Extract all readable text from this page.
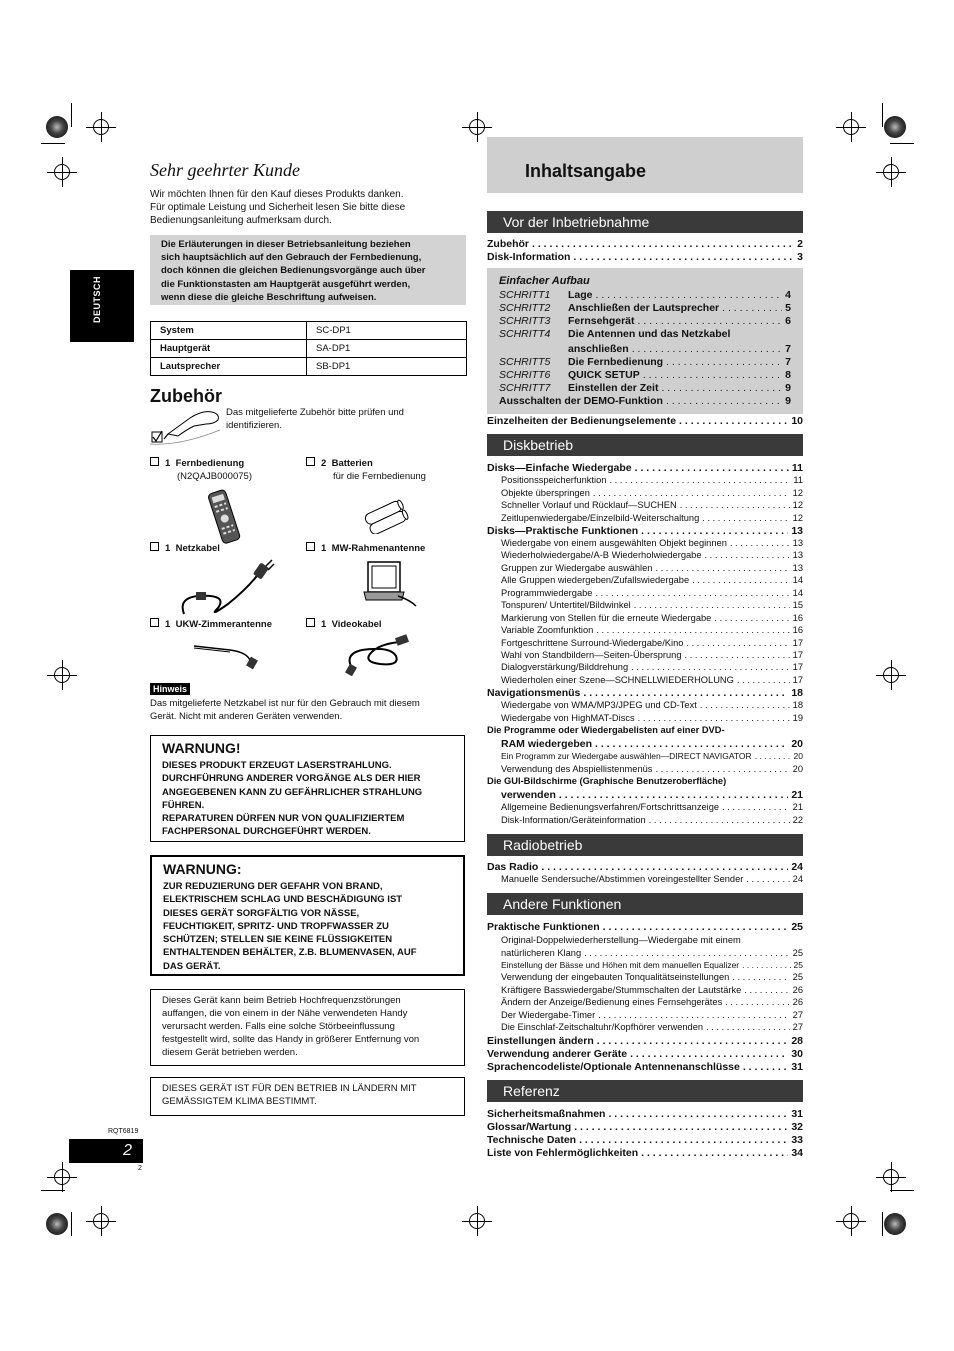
DEUTSCH
Sehr geehrter Kunde
Wir möchten Ihnen für den Kauf dieses Produkts danken.
Für optimale Leistung und Sicherheit lesen Sie bitte diese
Bedienungsanleitung aufmerksam durch.
Die Erläuterungen in dieser Betriebsanleitung beziehen
sich hauptsächlich auf den Gebrauch der Fernbedienung,
doch können die gleichen Bedienungsvorgänge auch über
die Funktionstasten am Hauptgerät ausgeführt werden,
wenn diese die gleiche Beschriftung aufweisen.
System	SC-DP1
Hauptgerät	SA-DP1
Lautsprecher	SB-DP1
Zubehör
Das mitgelieferte Zubehör bitte prüfen und
identifizieren.
1 Fernbedienung
(N2QAJB000075)
2 Batterien
für die Fernbedienung
1 Netzkabel	1 MW-Rahmenantenne
1 UKW-Zimmerantenne	1 Videokabel
Hinweis
Das mitgelieferte Netzkabel ist nur für den Gebrauch mit diesem
Gerät. Nicht mit anderen Geräten verwenden.
WARNUNG!

DIESES PRODUKT ERZEUGT LASERSTRAHLUNG.

DURCHFÜHRUNG ANDERER VORGÄNGE ALS DER HIER

ANGEGEBENEN KANN ZU GEFÄHRLICHER STRAHLUNG

FÜHREN.

REPARATUREN DÜRFEN NUR VON QUALIFIZIERTEM

FACHPERSONAL DURCHGEFÜHRT WERDEN.

WARNUNG:

ZUR REDUZIERUNG DER GEFAHR VON BRAND,

ELEKTRISCHEM SCHLAG UND BESCHÄDIGUNG IST

DIESES GERÄT SORGFÄLTIG VOR NÄSSE,

FEUCHTIGKEIT, SPRITZ- UND TROPFWASSER ZU

SCHÜTZEN; STELLEN SIE KEINE FLÜSSIGKEITEN

ENTHALTENDEN BEHÄLTER, Z.B. BLUMENVASEN, AUF

DAS GERÄT.

Dieses Gerät kann beim Betrieb Hochfrequenzstörungen
auffangen, die von einem in der Nähe verwendeten Handy
verursacht werden. Falls eine solche Störbeeinflussung
festgestellt wird, sollte das Handy in größerer Entfernung von
diesem Gerät betrieben werden.
DIESES GERÄT IST FÜR DEN BETRIEB IN LÄNDERN MIT
GEMÄSSIGTEM KLIMA BESTIMMT.
RQT6819
2
2
Inhaltsangabe
Vor der Inbetriebnahme
Zubehör . . .	2
Disk-Information . . .	3
Einfacher Aufbau
SCHRITT1	Lage . . .	4
SCHRITT2	Anschließen der Lautsprecher . . .	5
SCHRITT3	Fernsehgerät . . .	6
SCHRITT4	Die Antennen und das Netzkabel
anschließen . . .	7
SCHRITT5	Die Fernbedienung . . .	7
SCHRITT6	QUICK SETUP . . .	8
SCHRITT7	Einstellen der Zeit . . .	9
Ausschalten der DEMO-Funktion . . .	9
Einzelheiten der Bedienungselemente . . .	10
Diskbetrieb
Disks—Einfache Wiedergabe . . .	11
Positionsspeicherfunktion . . .	11
Objekte überspringen . . .	12
Schneller Vorlauf und Rücklauf—SUCHEN . . .	12
Zeitlupenwiedergabe/Einzelbild-Weiterschaltung . . .	12
Disks—Praktische Funktionen . . .	13
Wiedergabe von einem ausgewählten Objekt beginnen . . .	13
Wiederholwiedergabe/A-B Wiederholwiedergabe . . .	13
Gruppen zur Wiedergabe auswählen . . .	13
Alle Gruppen wiedergeben/Zufallswiedergabe . . .	14
Programmwiedergabe . . .	14
Tonspuren/ Untertitel/Bildwinkel . . .	15
Markierung von Stellen für die erneute Wiedergabe . . .	16
Variable Zoomfunktion . . .	16
Fortgeschrittene Surround-Wiedergabe/Kino . . .	17
Wahl von Standbildern—Seiten-Übersprung . . .	17
Dialogverstärkung/Bilddrehung . . .	17
Wiederholen einer Szene—SCHNELLWIEDERHOLUNG . . .	17
Navigationsmenüs . . .	18
Wiedergabe von WMA/MP3/JPEG und CD-Text . . .	18
Wiedergabe von HighMAT-Discs . . .	19
Die Programme oder Wiedergabelisten auf einer DVD-
RAM wiedergeben . . .	20
Ein Programm zur Wiedergabe auswählen—DIRECT NAVIGATOR . . .	20
Verwendung des Abspiellistenmenüs . . .	20
Die GUI-Bildschirme (Graphische Benutzeroberfläche)
verwenden . . .	21
Allgemeine Bedienungsverfahren/Fortschrittsanzeige . . .	21
Disk-Information/Geräteinformation . . .	22
Radiobetrieb
Das Radio . . .	24
Manuelle Sendersuche/Abstimmen voreingestellter Sender . . .	24
Andere Funktionen
Praktische Funktionen . . .	25
Original-Doppelwiederherstellung—Wiedergabe mit einem
natürlicheren Klang . . .	25
Einstellung der Bässe und Höhen mit dem manuellen Equalizer . . .	25
Verwendung der eingebauten Tonqualitätseinstellungen . . .	25
Kräftigere Basswiedergabe/Stummschalten der Lautstärke . . .	26
Ändern der Anzeige/Bedienung eines Fernsehgerätes . . .	26
Der Wiedergabe-Timer . . .	27
Die Einschlaf-Zeitschaltuhr/Kopfhörer verwenden . . .	27
Einstellungen ändern . . .	28
Verwendung anderer Geräte . . .	30
Sprachencodeliste/Optionale Antennenanschlüsse . . .	31
Referenz
Sicherheitsmaßnahmen . . .	31
Glossar/Wartung . . .	32
Technische Daten . . .	33
Liste von Fehlermöglichkeiten . . .	34
